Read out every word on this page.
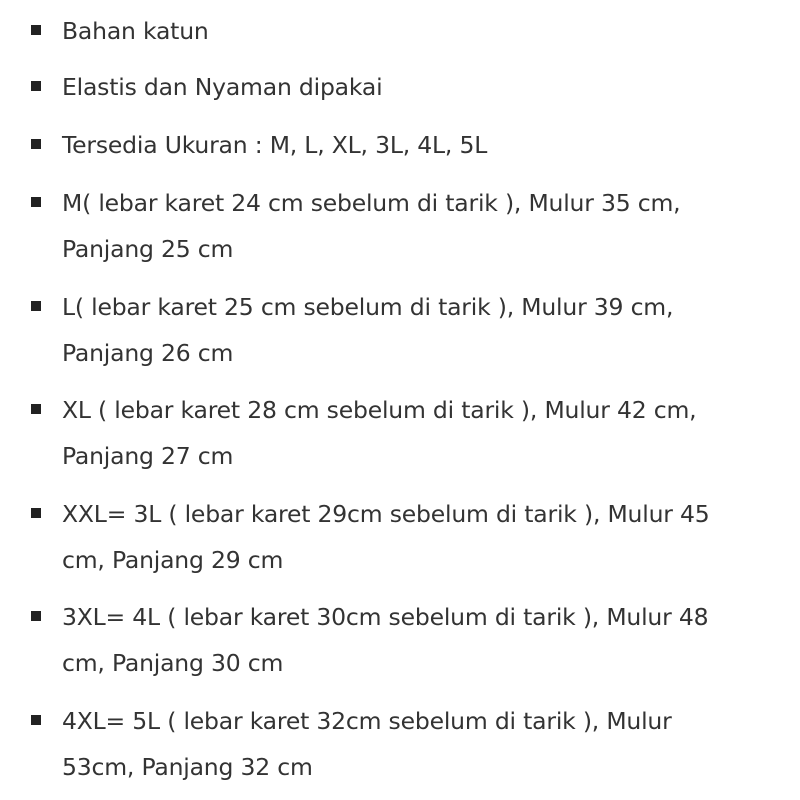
Bahan katun
Elastis dan Nyaman dipakai
Tersedia Ukuran : M, L, XL, 3L, 4L, 5L
M( lebar karet 24 cm sebelum di tarik ), Mulur 35 cm,
Panjang 25 cm
L( lebar karet 25 cm sebelum di tarik ), Mulur 39 cm,
Panjang 26 cm
XL ( lebar karet 28 cm sebelum di tarik ), Mulur 42 cm,
Panjang 27 cm
XXL= 3L ( lebar karet 29cm sebelum di tarik ), Mulur 45
cm, Panjang 29 cm
3XL= 4L ( lebar karet 30cm sebelum di tarik ), Mulur 48
cm, Panjang 30 cm
4XL= 5L ( lebar karet 32cm sebelum di tarik ), Mulur
53cm, Panjang 32 cm
